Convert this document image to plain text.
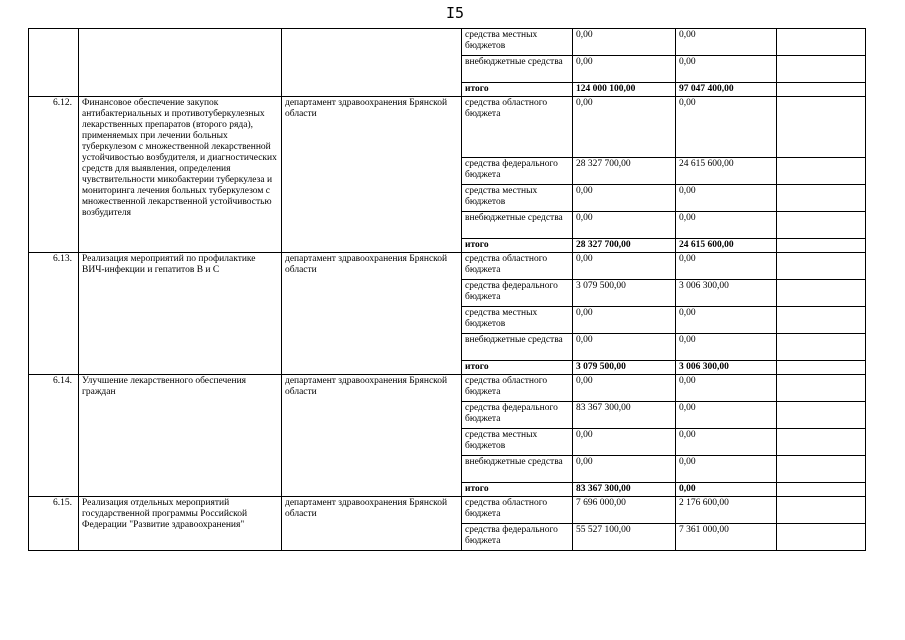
I5
			средства местных бюджетов	0,00	0,00	
			внебюджетные средства	0,00	0,00	
			итого	124 000 100,00	97 047 400,00	
6.12.	Финансовое обеспечение закупок антибактериальных и противотуберкулезных лекарственных препаратов (второго ряда), применяемых при лечении больных туберкулезом с множественной лекарственной устойчивостью возбудителя, и диагностических средств для выявления, определения чувствительности микобактерии туберкулеза и мониторинга лечения больных туберкулезом с множественной лекарственной устойчивостью возбудителя	департамент здравоохранения Брянской области	средства областного бюджета	0,00	0,00	
			средства федерального бюджета	28 327 700,00	24 615 600,00	
			средства местных бюджетов	0,00	0,00	
			внебюджетные средства	0,00	0,00	
			итого	28 327 700,00	24 615 600,00	
6.13.	Реализация мероприятий по профилактике ВИЧ-инфекции и гепатитов B и C	департамент здравоохранения Брянской области	средства областного бюджета	0,00	0,00	
			средства федерального бюджета	3 079 500,00	3 006 300,00	
			средства местных бюджетов	0,00	0,00	
			внебюджетные средства	0,00	0,00	
			итого	3 079 500,00	3 006 300,00	
6.14.	Улучшение лекарственного обеспечения граждан	департамент здравоохранения Брянской области	средства областного бюджета	0,00	0,00	
			средства федерального бюджета	83 367 300,00	0,00	
			средства местных бюджетов	0,00	0,00	
			внебюджетные средства	0,00	0,00	
			итого	83 367 300,00	0,00	
6.15.	Реализация отдельных мероприятий государственной программы Российской Федерации "Развитие здравоохранения"	департамент здравоохранения Брянской области	средства областного бюджета	7 696 000,00	2 176 600,00	
			средства федерального бюджета	55 527 100,00	7 361 000,00	
